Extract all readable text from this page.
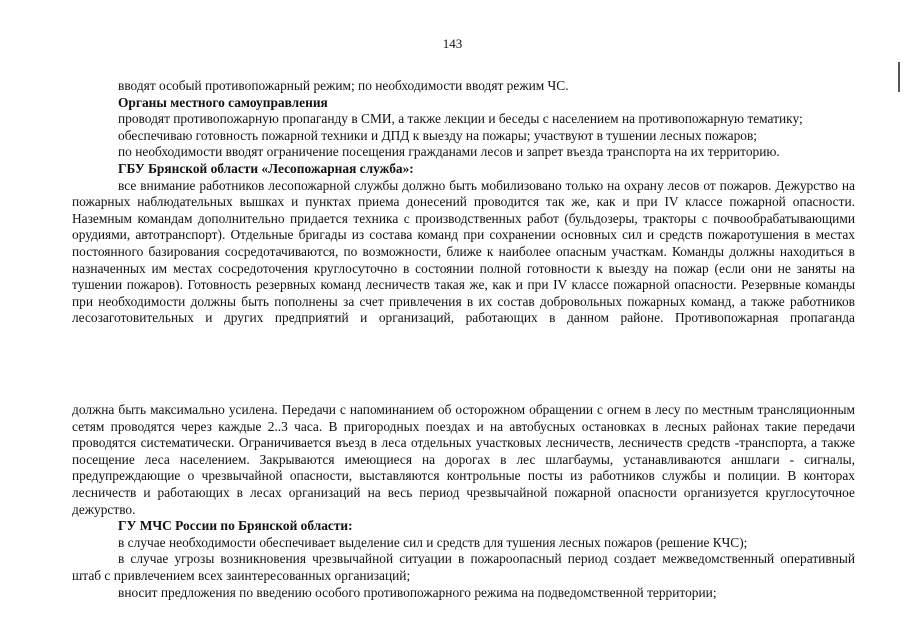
143

вводят особый противопожарный режим; по необходимости вводят режим ЧС.

Органы местного самоуправления

проводят противопожарную пропаганду в СМИ, а также лекции и беседы с населением на противопожарную тематику;

обеспечиваю готовность пожарной техники и ДПД к выезду на пожары; участвуют в тушении лесных пожаров;

по необходимости вводят ограничение посещения гражданами лесов и запрет въезда транспорта на их территорию.

ГБУ Брянской области «Лесопожарная служба»:

все внимание работников лесопожарной службы должно быть мобилизовано только на охрану лесов от пожаров. Дежурство на пожарных наблюдательных вышках и пунктах приема донесений проводится так же, как и при IV классе пожарной опасности. Наземным командам дополнительно придается техника с производственных работ (бульдозеры, тракторы с почвообрабатывающими орудиями, автотранспорт). Отдельные бригады из состава команд при сохранении основных сил и средств пожаротушения в местах постоянного базирования сосредотачиваются, по возможности, ближе к наиболее опасным участкам. Команды должны находиться в назначенных им местах сосредоточения круглосуточно в состоянии полной готовности к выезду на пожар (если они не заняты на тушении пожаров). Готовность резервных команд лесничеств такая же, как и при IV классе пожарной опасности. Резервные команды при необходимости должны быть пополнены за счет привлечения в их состав добровольных пожарных команд, а также работников лесозаготовительных и других предприятий и организаций, работающих в данном районе. Противопожарная пропаганда

должна быть максимально усилена. Передачи с напоминанием об осторожном обращении с огнем в лесу по местным трансляционным сетям проводятся через каждые 2..3 часа. В пригородных поездах и на автобусных остановках в лесных районах такие передачи проводятся систематически. Ограничивается въезд в леса отдельных участковых лесничеств, лесничеств средств -транспорта, а также посещение леса населением. Закрываются имеющиеся на дорогах в лес шлагбаумы, устанавливаются аншлаги - сигналы, предупреждающие о чрезвычайной опасности, выставляются контрольные посты из работников службы и полиции. В конторах лесничеств и работающих в лесах организаций на весь период чрезвычайной пожарной опасности организуется круглосуточное дежурство.

ГУ МЧС России по Брянской области:

в случае необходимости обеспечивает выделение сил и средств для тушения лесных пожаров (решение КЧС);

в случае угрозы возникновения чрезвычайной ситуации в пожароопасный период создает межведомственный оперативный штаб с привлечением всех заинтересованных организаций;

вносит предложения по введению особого противопожарного режима на подведомственной территории;
